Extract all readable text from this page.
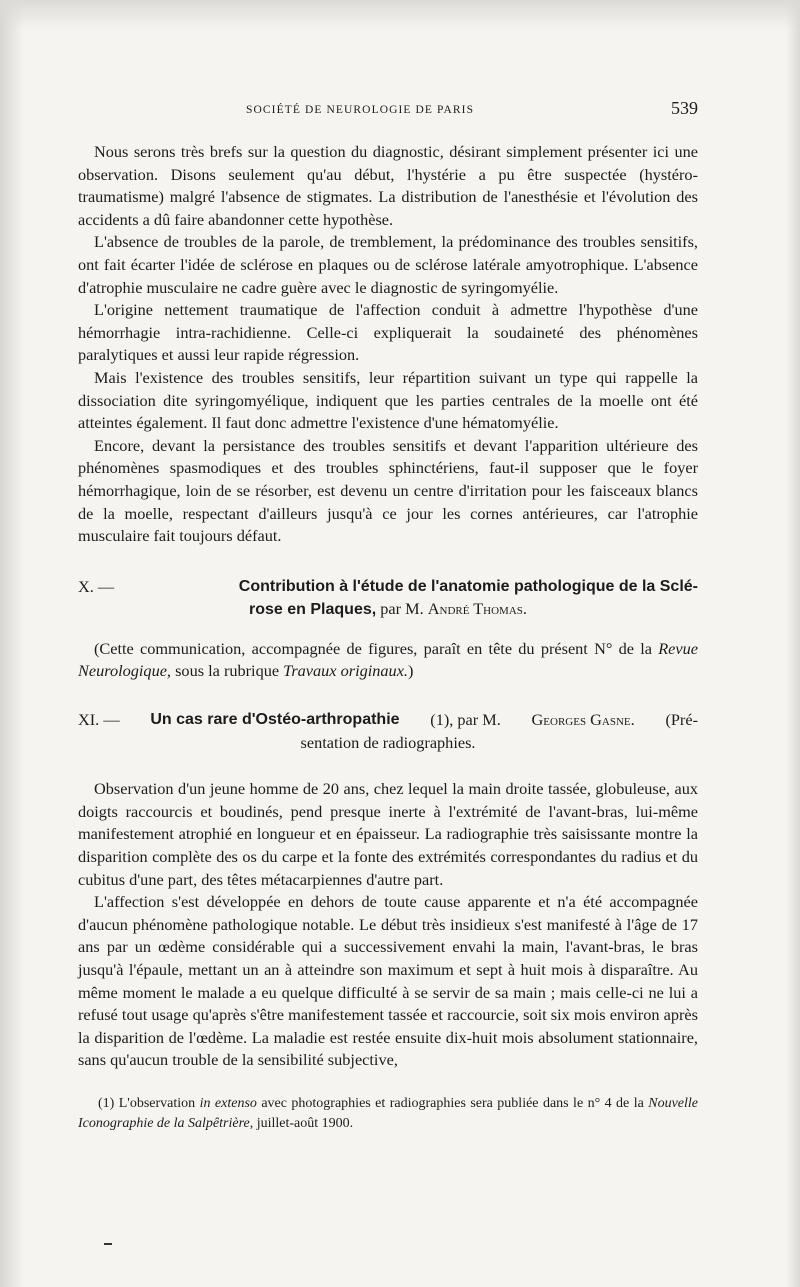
SOCIÉTÉ DE NEUROLOGIE DE PARIS	539

Nous serons très brefs sur la question du diagnostic, désirant simplement présenter ici une observation. Disons seulement qu'au début, l'hystérie a pu être suspectée (hystéro-traumatisme) malgré l'absence de stigmates. La distribution de l'anesthésie et l'évolution des accidents a dû faire abandonner cette hypothèse.

L'absence de troubles de la parole, de tremblement, la prédominance des troubles sensitifs, ont fait écarter l'idée de sclérose en plaques ou de sclérose latérale amyotrophique. L'absence d'atrophie musculaire ne cadre guère avec le diagnostic de syringomyélie.

L'origine nettement traumatique de l'affection conduit à admettre l'hypothèse d'une hémorrhagie intra-rachidienne. Celle-ci expliquerait la soudaineté des phénomènes paralytiques et aussi leur rapide régression.

Mais l'existence des troubles sensitifs, leur répartition suivant un type qui rappelle la dissociation dite syringomyélique, indiquent que les parties centrales de la moelle ont été atteintes également. Il faut donc admettre l'existence d'une hématomyélie.

Encore, devant la persistance des troubles sensitifs et devant l'apparition ultérieure des phénomènes spasmodiques et des troubles sphinctériens, faut-il supposer que le foyer hémorrhagique, loin de se résorber, est devenu un centre d'irritation pour les faisceaux blancs de la moelle, respectant d'ailleurs jusqu'à ce jour les cornes antérieures, car l'atrophie musculaire fait toujours défaut.

X. —	Contribution à l'étude de l'anatomie pathologique de la Sclé-
rose en Plaques, par M. André Thomas.

(Cette communication, accompagnée de figures, paraît en tête du présent N° de la Revue Neurologique, sous la rubrique Travaux originaux.)

XI. — Un cas rare d'Ostéo-arthropathie (1), par M. Georges Gasne. (Pré-
sentation de radiographies.

Observation d'un jeune homme de 20 ans, chez lequel la main droite tassée, globuleuse, aux doigts raccourcis et boudinés, pend presque inerte à l'extrémité de l'avant-bras, lui-même manifestement atrophié en longueur et en épaisseur. La radiographie très saisissante montre la disparition complète des os du carpe et la fonte des extrémités correspondantes du radius et du cubitus d'une part, des têtes métacarpiennes d'autre part.

L'affection s'est développée en dehors de toute cause apparente et n'a été accompagnée d'aucun phénomène pathologique notable. Le début très insidieux s'est manifesté à l'âge de 17 ans par un œdème considérable qui a successivement envahi la main, l'avant-bras, le bras jusqu'à l'épaule, mettant un an à atteindre son maximum et sept à huit mois à disparaître. Au même moment le malade a eu quelque difficulté à se servir de sa main ; mais celle-ci ne lui a refusé tout usage qu'après s'être manifestement tassée et raccourcie, soit six mois environ après la disparition de l'œdème. La maladie est restée ensuite dix-huit mois absolument stationnaire, sans qu'aucun trouble de la sensibilité subjective,

(1) L'observation in extenso avec photographies et radiographies sera publiée dans le n° 4 de la Nouvelle Iconographie de la Salpêtrière, juillet-août 1900.
